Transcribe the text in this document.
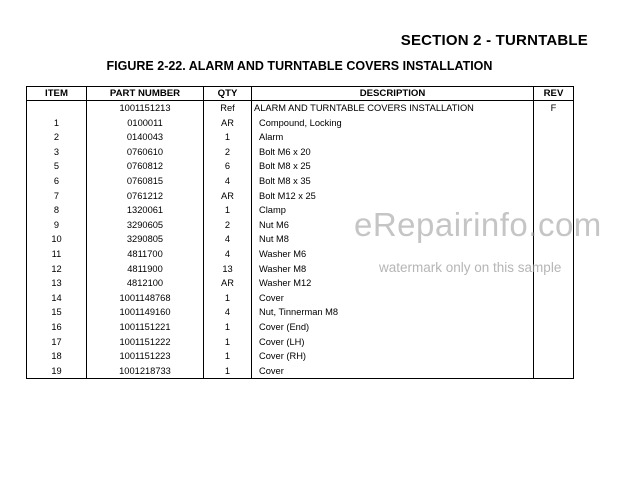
SECTION 2 - TURNTABLE
FIGURE 2-22. ALARM AND TURNTABLE COVERS INSTALLATION
ITEM	PART NUMBER	QTY	DESCRIPTION	REV
	1001151213	Ref	ALARM AND TURNTABLE COVERS INSTALLATION	F
1	0100011	AR	Compound, Locking	
2	0140043	1	Alarm	
3	0760610	2	Bolt M6 x 20	
5	0760812	6	Bolt M8 x 25	
6	0760815	4	Bolt M8 x 35	
7	0761212	AR	Bolt M12 x 25	
8	1320061	1	Clamp	
9	3290605	2	Nut M6	
10	3290805	4	Nut M8	
11	4811700	4	Washer M6	
12	4811900	13	Washer M8	
13	4812100	AR	Washer M12	
14	1001148768	1	Cover	
15	1001149160	4	Nut, Tinnerman M8	
16	1001151221	1	Cover (End)	
17	1001151222	1	Cover (LH)	
18	1001151223	1	Cover (RH)	
19	1001218733	1	Cover	
eRepairinfo.com
watermark only on this sample
